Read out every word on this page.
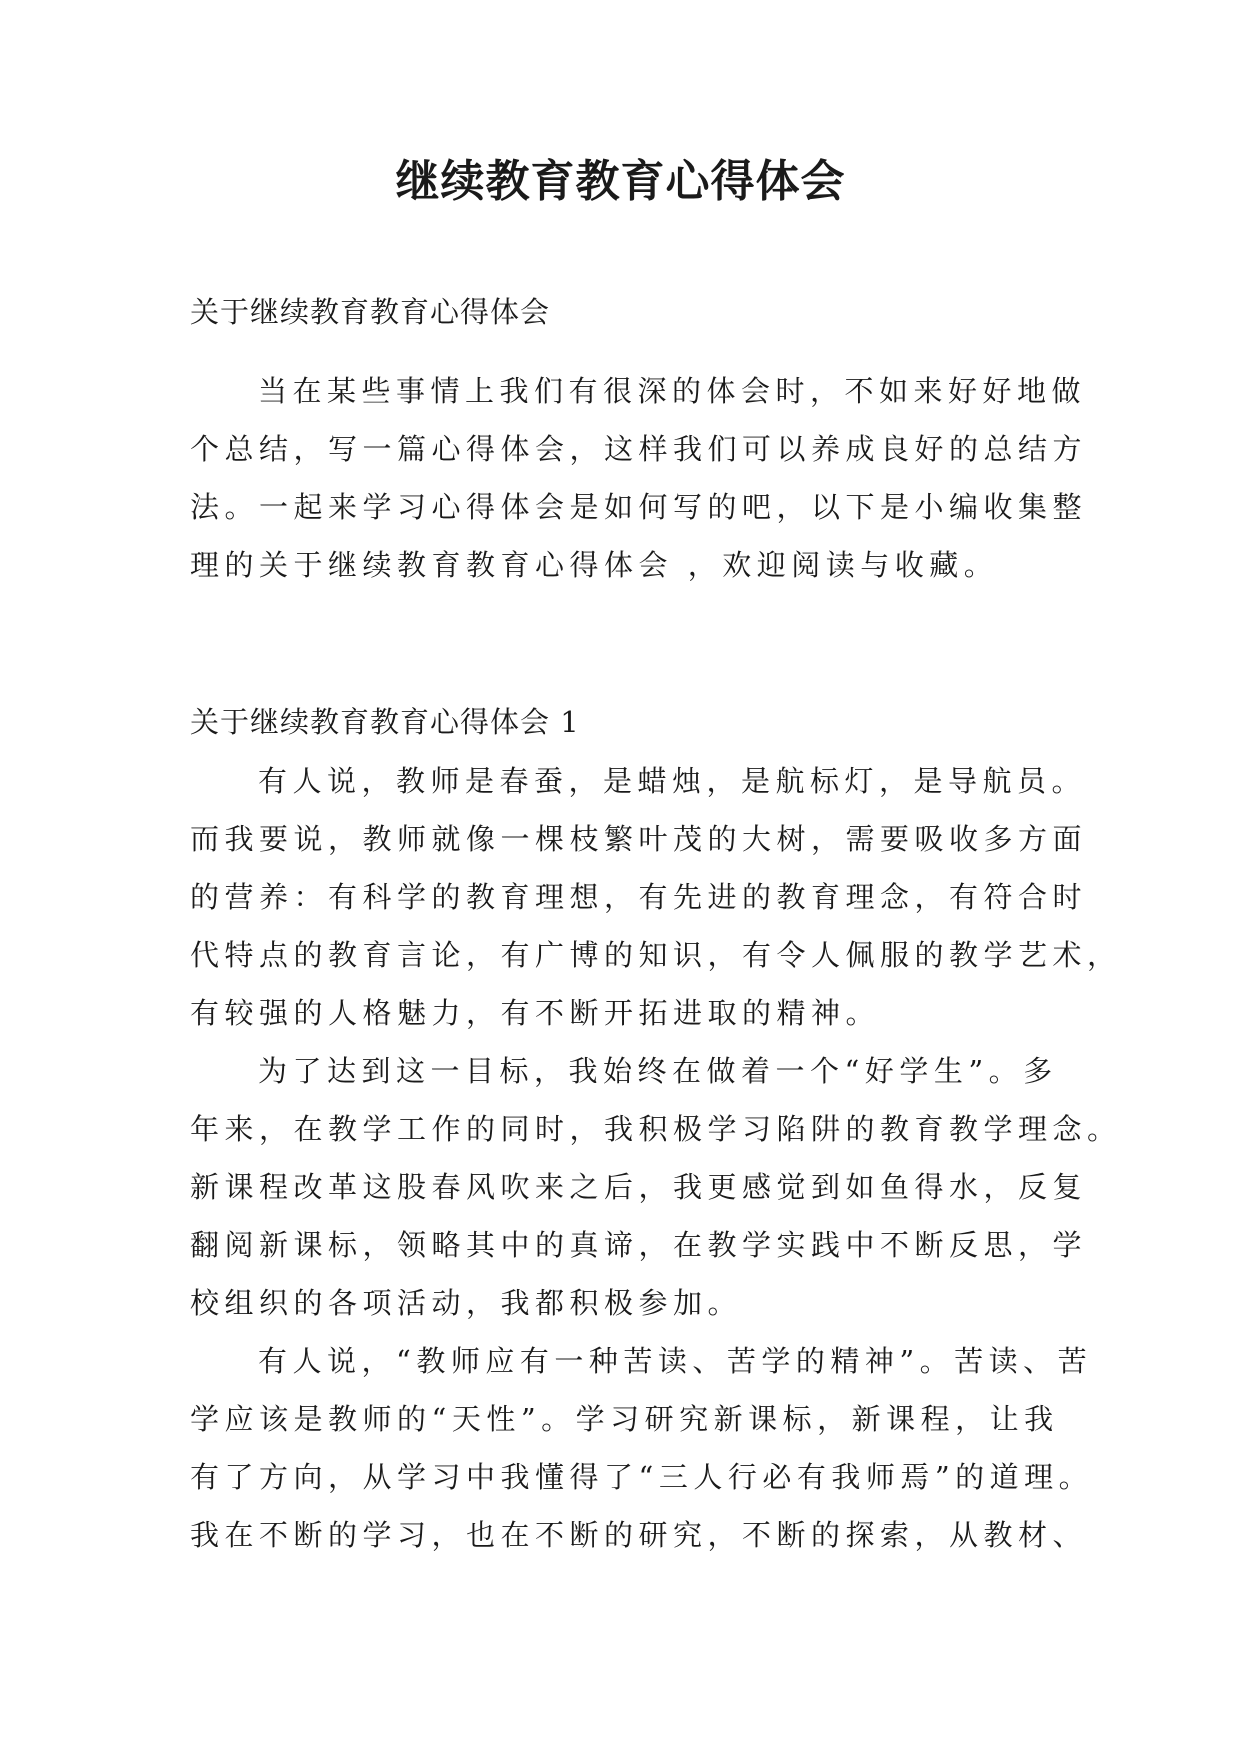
继续教育教育心得体会
关于继续教育教育心得体会
当在某些事情上我们有很深的体会时，不如来好好地做
个总结，写一篇心得体会，这样我们可以养成良好的总结方
法。一起来学习心得体会是如何写的吧，以下是小编收集整
理的关于继续教育教育心得体会 ，欢迎阅读与收藏。
关于继续教育教育心得体会 1
有人说，教师是春蚕，是蜡烛，是航标灯，是导航员。
而我要说，教师就像一棵枝繁叶茂的大树，需要吸收多方面
的营养：有科学的教育理想，有先进的教育理念，有符合时
代特点的教育言论，有广博的知识，有令人佩服的教学艺术，
有较强的人格魅力，有不断开拓进取的精神。
为了达到这一目标，我始终在做着一个“好学生”。多
年来，在教学工作的同时，我积极学习陷阱的教育教学理念。
新课程改革这股春风吹来之后，我更感觉到如鱼得水，反复
翻阅新课标，领略其中的真谛，在教学实践中不断反思，学
校组织的各项活动，我都积极参加。
有人说，“教师应有一种苦读、苦学的精神”。苦读、苦
学应该是教师的“天性”。学习研究新课标，新课程，让我
有了方向，从学习中我懂得了“三人行必有我师焉”的道理。
我在不断的学习，也在不断的研究，不断的探索，从教材、
